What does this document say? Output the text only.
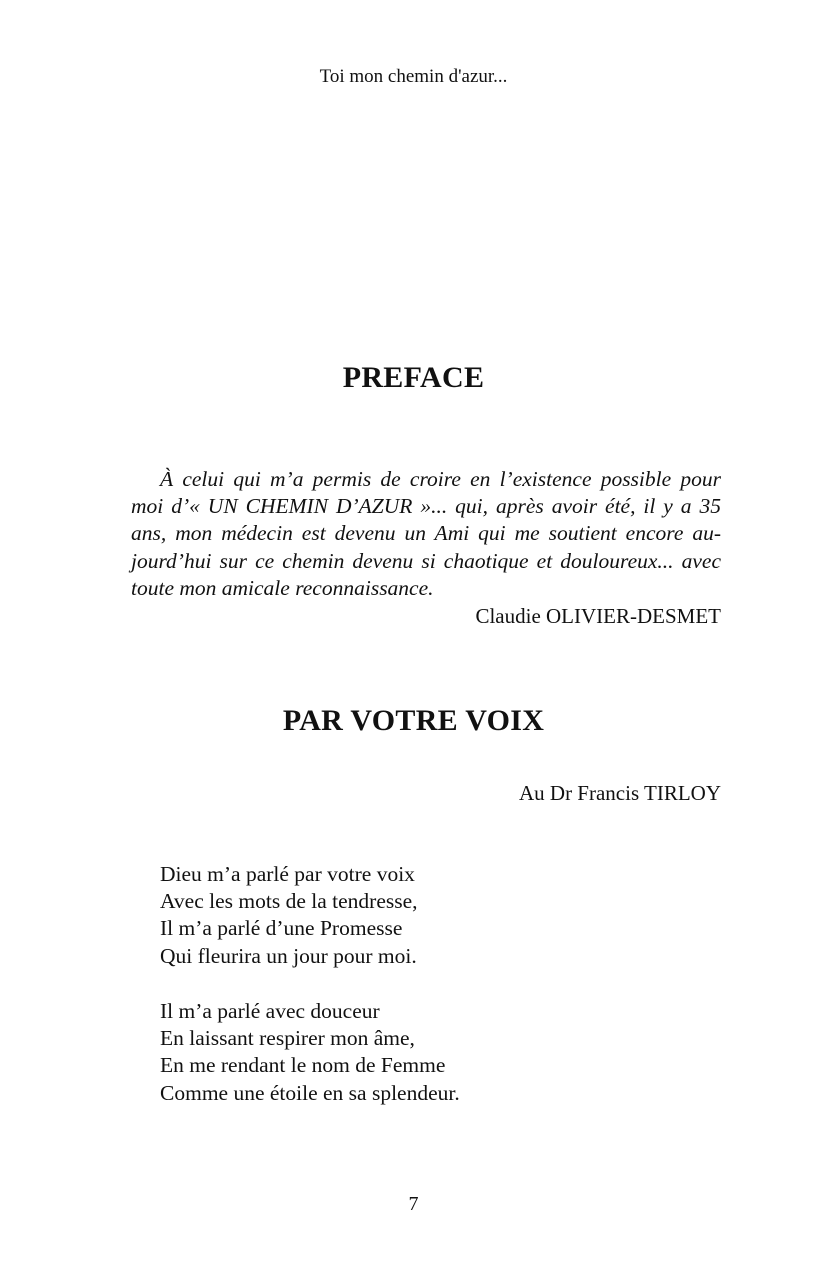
Toi mon chemin d'azur...
PREFACE
À celui qui m’a permis de croire en l’existence possible pour
moi d’« UN CHEMIN D’AZUR »... qui, après avoir été, il y a 35
ans, mon médecin est devenu un Ami qui me soutient encore au-
jourd’hui sur ce chemin devenu si chaotique et douloureux... avec
toute mon amicale reconnaissance.
Claudie OLIVIER-DESMET
PAR VOTRE VOIX
Au Dr Francis TIRLOY
Dieu m’a parlé par votre voix
Avec les mots de la tendresse,
Il m’a parlé d’une Promesse
Qui fleurira un jour pour moi.
Il m’a parlé avec douceur
En laissant respirer mon âme,
En me rendant le nom de Femme
Comme une étoile en sa splendeur.
7
